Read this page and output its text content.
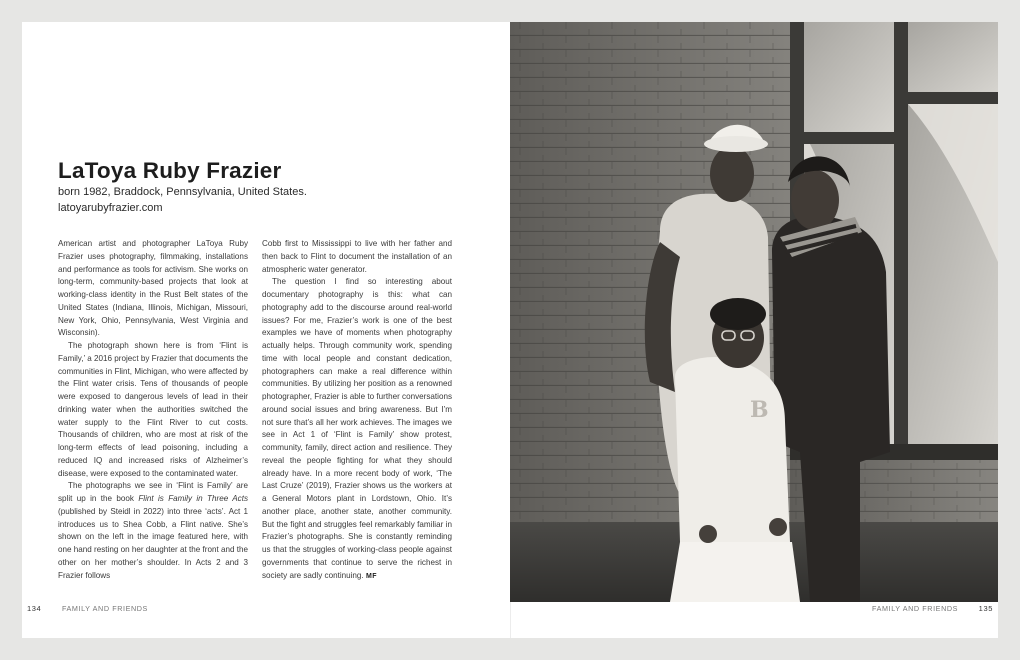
LaToya Ruby Frazier
born 1982, Braddock, Pennsylvania, United States.
latoyarubyfrazier.com

American artist and photographer LaToya Ruby Frazier uses photography, filmmaking, installations and performance as tools for activism. She works on long-term, community-based projects that look at working-class identity in the Rust Belt states of the United States (Indiana, Illinois, Michigan, Missouri, New York, Ohio, Pennsylvania, West Virginia and Wisconsin).

The photograph shown here is from ‘Flint is Family,’ a 2016 project by Frazier that documents the communities in Flint, Michigan, who were affected by the Flint water crisis. Tens of thousands of people were exposed to dangerous levels of lead in their drinking water when the authorities switched the water supply to the Flint River to cut costs. Thousands of children, who are most at risk of the long-term effects of lead poisoning, including a reduced IQ and increased risks of Alzheimer’s disease, were exposed to the contaminated water.

The photographs we see in ‘Flint is Family’ are split up in the book Flint is Family in Three Acts (published by Steidl in 2022) into three ‘acts’. Act 1 introduces us to Shea Cobb, a Flint native. She’s shown on the left in the image featured here, with one hand resting on her daughter at the front and the other on her mother’s shoulder. In Acts 2 and 3 Frazier follows

Cobb first to Mississippi to live with her father and then back to Flint to document the installation of an atmospheric water generator.

The question I find so interesting about documentary photography is this: what can photography add to the discourse around real-world issues? For me, Frazier’s work is one of the best examples we have of moments when photography actually helps. Through community work, spending time with local people and constant dedication, photographers can make a real difference within communities. By utilizing her position as a renowned photographer, Frazier is able to further conversations around social issues and bring awareness. But I’m not sure that’s all her work achieves. The images we see in Act 1 of ‘Flint is Family’ show protest, community, family, direct action and resilience. They reveal the people fighting for what they should already have. In a more recent body of work, ‘The Last Cruze’ (2019), Frazier shows us the workers at a General Motors plant in Lordstown, Ohio. It’s another place, another state, another community. But the fight and struggles feel remarkably familiar in Frazier’s photographs. She is constantly reminding us that the struggles of working-class people against governments that continue to serve the richest in society are sadly continuing. MF

B
134	FAMILY AND FRIENDS	FAMILY AND FRIENDS	135
